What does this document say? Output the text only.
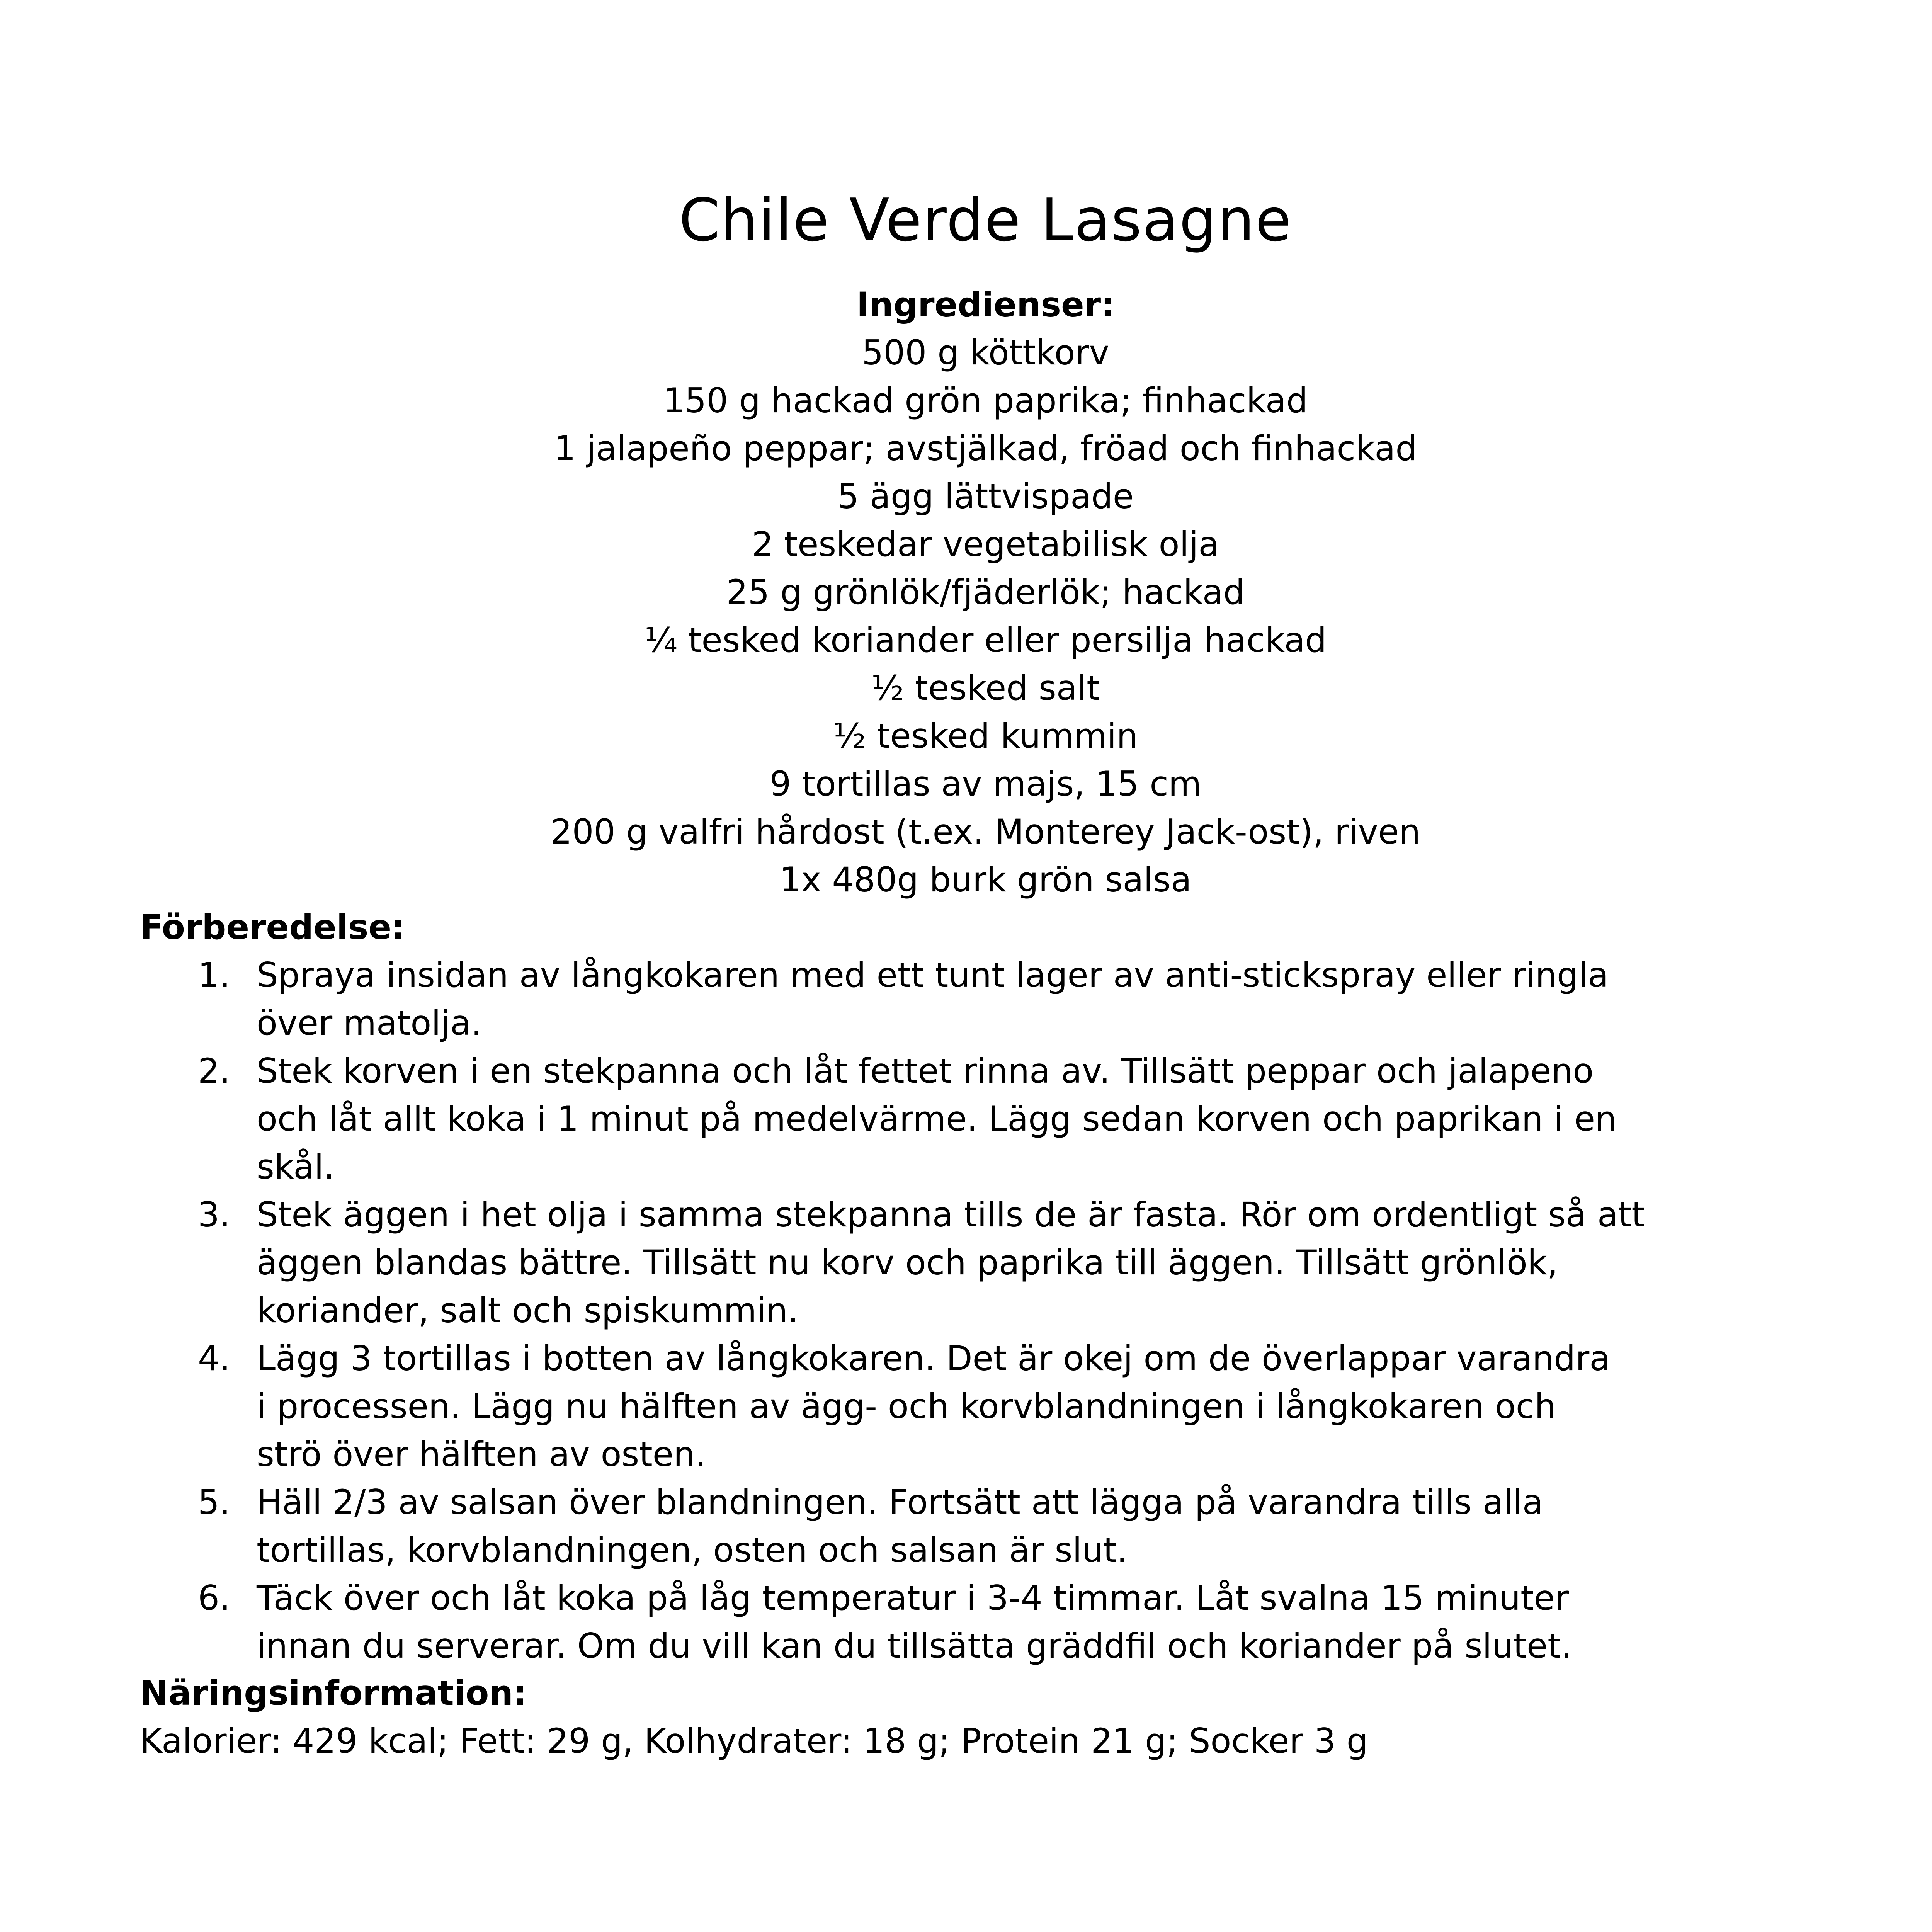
Chile Verde Lasagne
Ingredienser:
500 g köttkorv
150 g hackad grön paprika; finhackad
1 jalapeño peppar; avstjälkad, fröad och finhackad
5 ägg lättvispade
2 teskedar vegetabilisk olja
25 g grönlök/fjäderlök; hackad
¼ tesked koriander eller persilja hackad
½ tesked salt
½ tesked kummin
9 tortillas av majs, 15 cm
200 g valfri hårdost (t.ex. Monterey Jack-ost), riven
1x 480g burk grön salsa
Förberedelse:
1. Spraya insidan av långkokaren med ett tunt lager av anti-stickspray eller ringla
över matolja.
2. Stek korven i en stekpanna och låt fettet rinna av. Tillsätt peppar och jalapeno
och låt allt koka i 1 minut på medelvärme. Lägg sedan korven och paprikan i en
skål.
3. Stek äggen i het olja i samma stekpanna tills de är fasta. Rör om ordentligt så att
äggen blandas bättre. Tillsätt nu korv och paprika till äggen. Tillsätt grönlök,
koriander, salt och spiskummin.
4. Lägg 3 tortillas i botten av långkokaren. Det är okej om de överlappar varandra
i processen. Lägg nu hälften av ägg- och korvblandningen i långkokaren och
strö över hälften av osten.
5. Häll 2/3 av salsan över blandningen. Fortsätt att lägga på varandra tills alla
tortillas, korvblandningen, osten och salsan är slut.
6. Täck över och låt koka på låg temperatur i 3-4 timmar. Låt svalna 15 minuter
innan du serverar. Om du vill kan du tillsätta gräddfil och koriander på slutet.
Näringsinformation:

Kalorier: 429 kcal; Fett: 29 g, Kolhydrater: 18 g; Protein 21 g; Socker 3 g
